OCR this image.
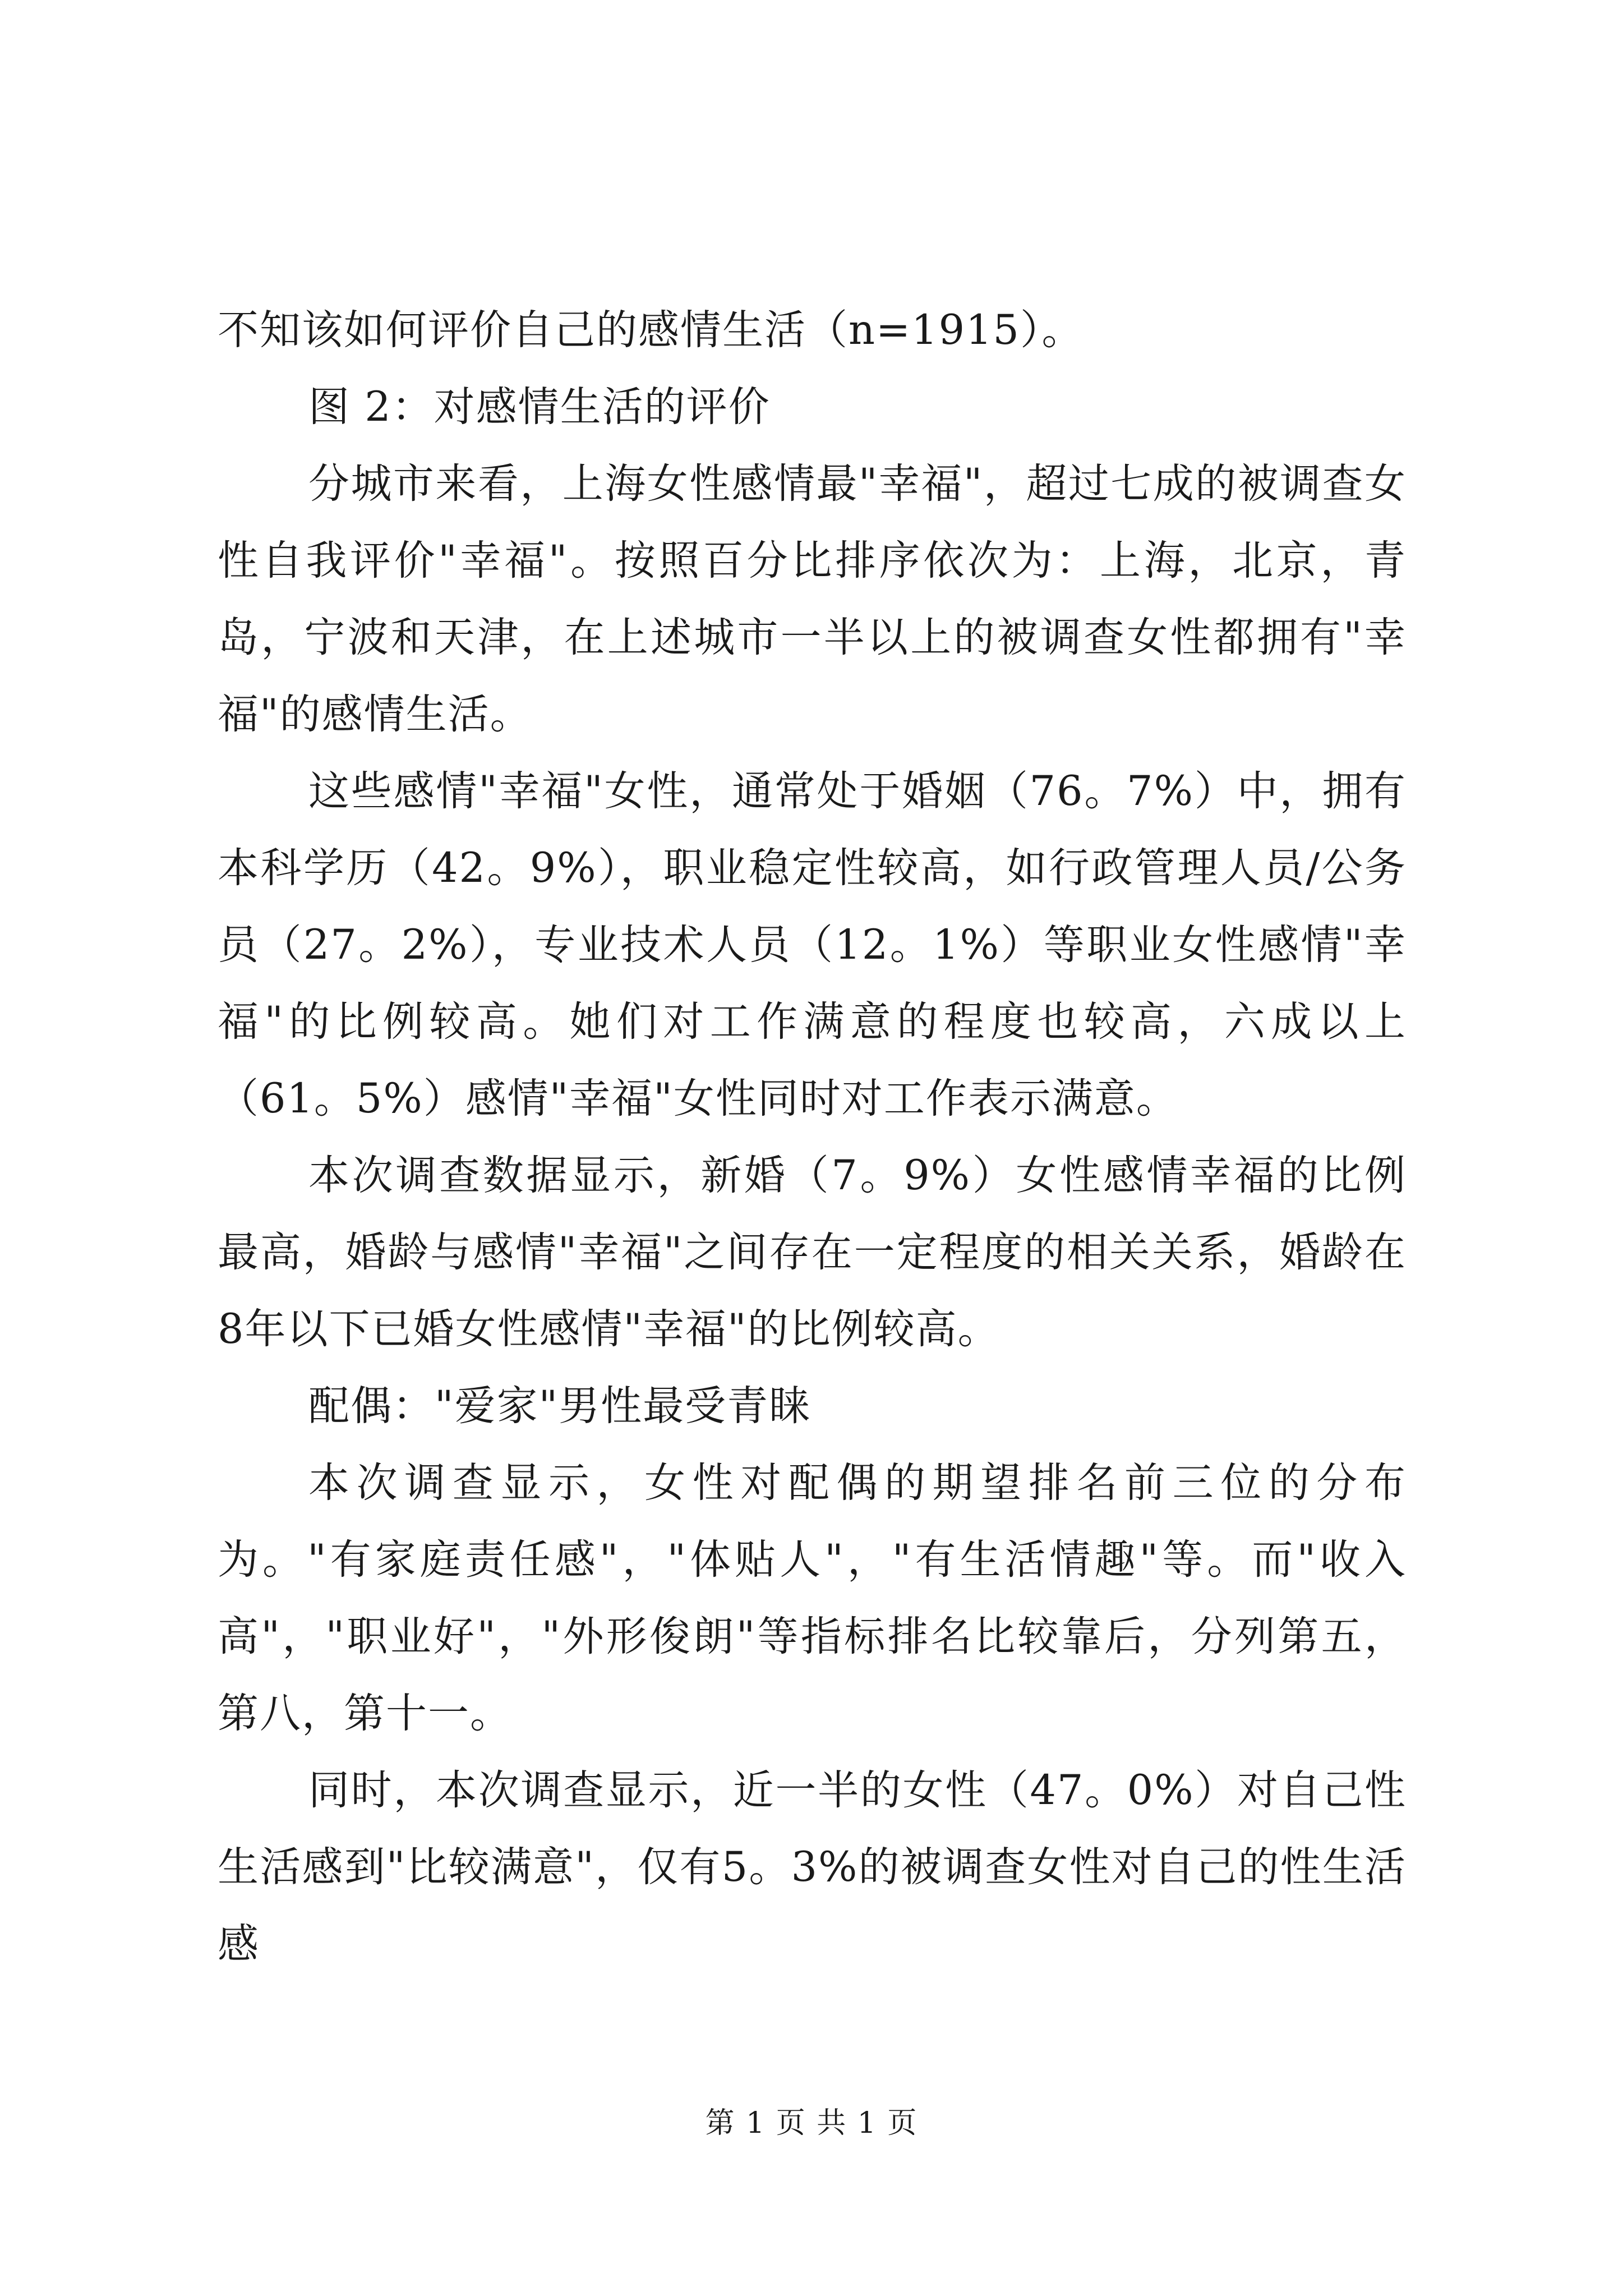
不知该如何评价自己的感情生活（n=1915）。

图 2：对感情生活的评价

分城市来看，上海女性感情最"幸福"，超过七成的被调查女性自我评价"幸福"。按照百分比排序依次为：上海，北京，青岛，宁波和天津，在上述城市一半以上的被调查女性都拥有"幸福"的感情生活。

这些感情"幸福"女性，通常处于婚姻（76。7%）中，拥有本科学历（42。9%），职业稳定性较高，如行政管理人员/公务员（27。2%），专业技术人员（12。1%）等职业女性感情"幸福"的比例较高。她们对工作满意的程度也较高，六成以上（61。5%）感情"幸福"女性同时对工作表示满意。

本次调查数据显示，新婚（7。9%）女性感情幸福的比例最高，婚龄与感情"幸福"之间存在一定程度的相关关系，婚龄在8年以下已婚女性感情"幸福"的比例较高。

配偶："爱家"男性最受青睐

本次调查显示，女性对配偶的期望排名前三位的分布为。"有家庭责任感"，"体贴人"，"有生活情趣"等。而"收入高"，"职业好"，"外形俊朗"等指标排名比较靠后，分列第五，第八，第十一。

同时，本次调查显示，近一半的女性（47。0%）对自己性生活感到"比较满意"，仅有5。3%的被调查女性对自己的性生活感

第 1 页 共 1 页
